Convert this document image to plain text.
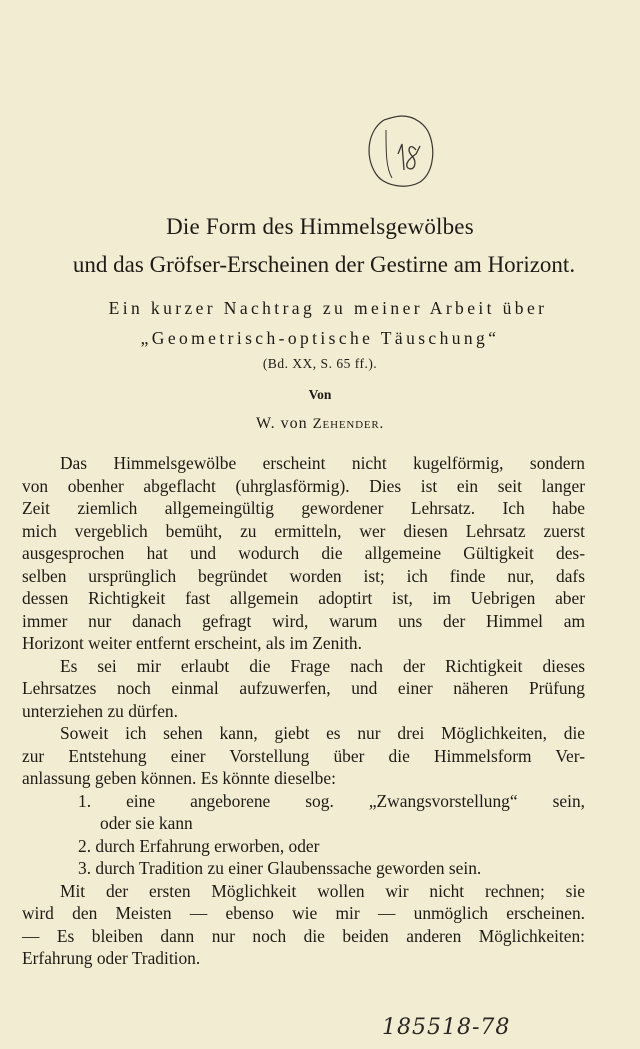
Die Form des Himmelsgewölbes
und das Gröfser-Erscheinen der Gestirne am Horizont.
Ein kurzer Nachtrag zu meiner Arbeit über
„Geometrisch-optische Täuschung“
(Bd. XX, S. 65 ff.).
Von
W. von Zehender.
Das Himmelsgewölbe erscheint nicht kugelförmig, sondern
von obenher abgeflacht (uhrglasförmig). Dies ist ein seit langer
Zeit ziemlich allgemeingültig gewordener Lehrsatz. Ich habe
mich vergeblich bemüht, zu ermitteln, wer diesen Lehrsatz zuerst
ausgesprochen hat und wodurch die allgemeine Gültigkeit des-
selben ursprünglich begründet worden ist; ich finde nur, dafs
dessen Richtigkeit fast allgemein adoptirt ist, im Uebrigen aber
immer nur danach gefragt wird, warum uns der Himmel am
Horizont weiter entfernt erscheint, als im Zenith.
Es sei mir erlaubt die Frage nach der Richtigkeit dieses
Lehrsatzes noch einmal aufzuwerfen, und einer näheren Prüfung
unterziehen zu dürfen.
Soweit ich sehen kann, giebt es nur drei Möglichkeiten, die
zur Entstehung einer Vorstellung über die Himmelsform Ver-
anlassung geben können. Es könnte dieselbe:
1. eine angeborene sog. „Zwangsvorstellung“ sein,
oder sie kann
2. durch Erfahrung erworben, oder
3. durch Tradition zu einer Glaubenssache geworden sein.
Mit der ersten Möglichkeit wollen wir nicht rechnen; sie
wird den Meisten — ebenso wie mir — unmöglich erscheinen.
— Es bleiben dann nur noch die beiden anderen Möglichkeiten:
Erfahrung oder Tradition.
185518-78
